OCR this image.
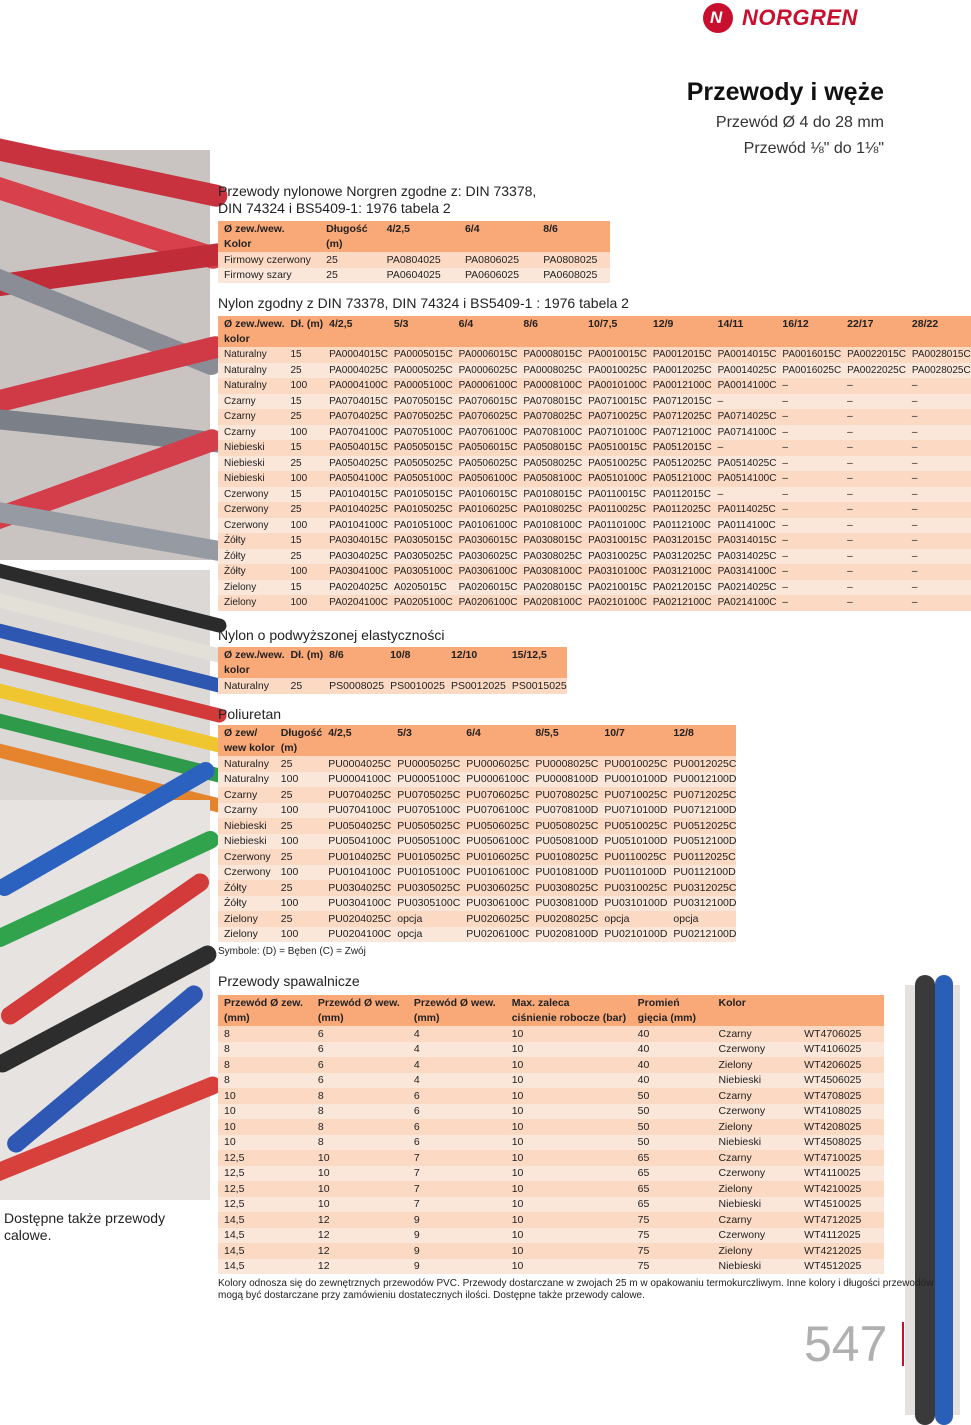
N NORGREN
Przewody i węże
Przewód Ø 4 do 28 mm
Przewód ⅛" do 1⅛"
Przewody nylonowe Norgren zgodne z: DIN 73378,
DIN 74324 i BS5409-1: 1976 tabela 2
Ø zew./wew.	Długość	4/2,5	6/4	8/6
Kolor	(m)			
Firmowy czerwony	25	PA0804025	PA0806025	PA0808025
Firmowy szary	25	PA0604025	PA0606025	PA0608025
Nylon zgodny z DIN 73378, DIN 74324 i BS5409-1 : 1976 tabela 2
Ø zew./wew.	Dł. (m)	4/2,5	5/3	6/4	8/6	10/7,5	12/9	14/11	16/12	22/17	28/22
kolor											
Naturalny	15	PA0004015C	PA0005015C	PA0006015C	PA0008015C	PA0010015C	PA0012015C	PA0014015C	PA0016015C	PA0022015C	PA0028015C
Naturalny	25	PA0004025C	PA0005025C	PA0006025C	PA0008025C	PA0010025C	PA0012025C	PA0014025C	PA0016025C	PA0022025C	PA0028025C
Naturalny	100	PA0004100C	PA0005100C	PA0006100C	PA0008100C	PA0010100C	PA0012100C	PA0014100C	–	–	–
Czarny	15	PA0704015C	PA0705015C	PA0706015C	PA0708015C	PA0710015C	PA0712015C	–	–	–	–
Czarny	25	PA0704025C	PA0705025C	PA0706025C	PA0708025C	PA0710025C	PA0712025C	PA0714025C	–	–	–
Czarny	100	PA0704100C	PA0705100C	PA0706100C	PA0708100C	PA0710100C	PA0712100C	PA0714100C	–	–	–
Niebieski	15	PA0504015C	PA0505015C	PA0506015C	PA0508015C	PA0510015C	PA0512015C	–	–	–	–
Niebieski	25	PA0504025C	PA0505025C	PA0506025C	PA0508025C	PA0510025C	PA0512025C	PA0514025C	–	–	–
Niebieski	100	PA0504100C	PA0505100C	PA0506100C	PA0508100C	PA0510100C	PA0512100C	PA0514100C	–	–	–
Czerwony	15	PA0104015C	PA0105015C	PA0106015C	PA0108015C	PA0110015C	PA0112015C	–	–	–	–
Czerwony	25	PA0104025C	PA0105025C	PA0106025C	PA0108025C	PA0110025C	PA0112025C	PA0114025C	–	–	–
Czerwony	100	PA0104100C	PA0105100C	PA0106100C	PA0108100C	PA0110100C	PA0112100C	PA0114100C	–	–	–
Żółty	15	PA0304015C	PA0305015C	PA0306015C	PA0308015C	PA0310015C	PA0312015C	PA0314015C	–	–	–
Żółty	25	PA0304025C	PA0305025C	PA0306025C	PA0308025C	PA0310025C	PA0312025C	PA0314025C	–	–	–
Żółty	100	PA0304100C	PA0305100C	PA0306100C	PA0308100C	PA0310100C	PA0312100C	PA0314100C	–	–	–
Zielony	15	PA0204025C	A0205015C	PA0206015C	PA0208015C	PA0210015C	PA0212015C	PA0214025C	–	–	–
Zielony	100	PA0204100C	PA0205100C	PA0206100C	PA0208100C	PA0210100C	PA0212100C	PA0214100C	–	–	–
Nylon o podwyższonej elastyczności
Ø zew./wew.	Dł. (m)	8/6	10/8	12/10	15/12,5
kolor					
Naturalny	25	PS0008025	PS0010025	PS0012025	PS0015025
Poliuretan
Ø zew/	Długość	4/2,5	5/3	6/4	8/5,5	10/7	12/8
wew kolor	(m)						
Naturalny	25	PU0004025C	PU0005025C	PU0006025C	PU0008025C	PU0010025C	PU0012025C
Naturalny	100	PU0004100C	PU0005100C	PU0006100C	PU0008100D	PU0010100D	PU0012100D
Czarny	25	PU0704025C	PU0705025C	PU0706025C	PU0708025C	PU0710025C	PU0712025C
Czarny	100	PU0704100C	PU0705100C	PU0706100C	PU0708100D	PU0710100D	PU0712100D
Niebieski	25	PU0504025C	PU0505025C	PU0506025C	PU0508025C	PU0510025C	PU0512025C
Niebieski	100	PU0504100C	PU0505100C	PU0506100C	PU0508100D	PU0510100D	PU0512100D
Czerwony	25	PU0104025C	PU0105025C	PU0106025C	PU0108025C	PU0110025C	PU0112025C
Czerwony	100	PU0104100C	PU0105100C	PU0106100C	PU0108100D	PU0110100D	PU0112100D
Żółty	25	PU0304025C	PU0305025C	PU0306025C	PU0308025C	PU0310025C	PU0312025C
Żółty	100	PU0304100C	PU0305100C	PU0306100C	PU0308100D	PU0310100D	PU0312100D
Zielony	25	PU0204025C	opcja	PU0206025C	PU0208025C	opcja	opcja
Zielony	100	PU0204100C	opcja	PU0206100C	PU0208100D	PU0210100D	PU0212100D
Symbole: (D) = Bęben (C) = Zwój
Przewody spawalnicze
Przewód Ø zew.	Przewód Ø wew.	Przewód Ø wew.	Max. zaleca	Promień	Kolor	
(mm)	(mm)	(mm)	ciśnienie robocze (bar)	gięcia (mm)		
8	6	4	10	40	Czarny	WT4706025
8	6	4	10	40	Czerwony	WT4106025
8	6	4	10	40	Zielony	WT4206025
8	6	4	10	40	Niebieski	WT4506025
10	8	6	10	50	Czarny	WT4708025
10	8	6	10	50	Czerwony	WT4108025
10	8	6	10	50	Zielony	WT4208025
10	8	6	10	50	Niebieski	WT4508025
12,5	10	7	10	65	Czarny	WT4710025
12,5	10	7	10	65	Czerwony	WT4110025
12,5	10	7	10	65	Zielony	WT4210025
12,5	10	7	10	65	Niebieski	WT4510025
14,5	12	9	10	75	Czarny	WT4712025
14,5	12	9	10	75	Czerwony	WT4112025
14,5	12	9	10	75	Zielony	WT4212025
14,5	12	9	10	75	Niebieski	WT4512025
Kolory odnosza się do zewnętrznych przewodów PVC. Przewody dostarczane w zwojach 25 m w opakowaniu termokurczliwym. Inne kolory i długości przewodów
mogą być dostarczane przy zamówieniu dostatecznych ilości. Dostępne także przewody calowe.
Dostępne także przewody calowe.
547
